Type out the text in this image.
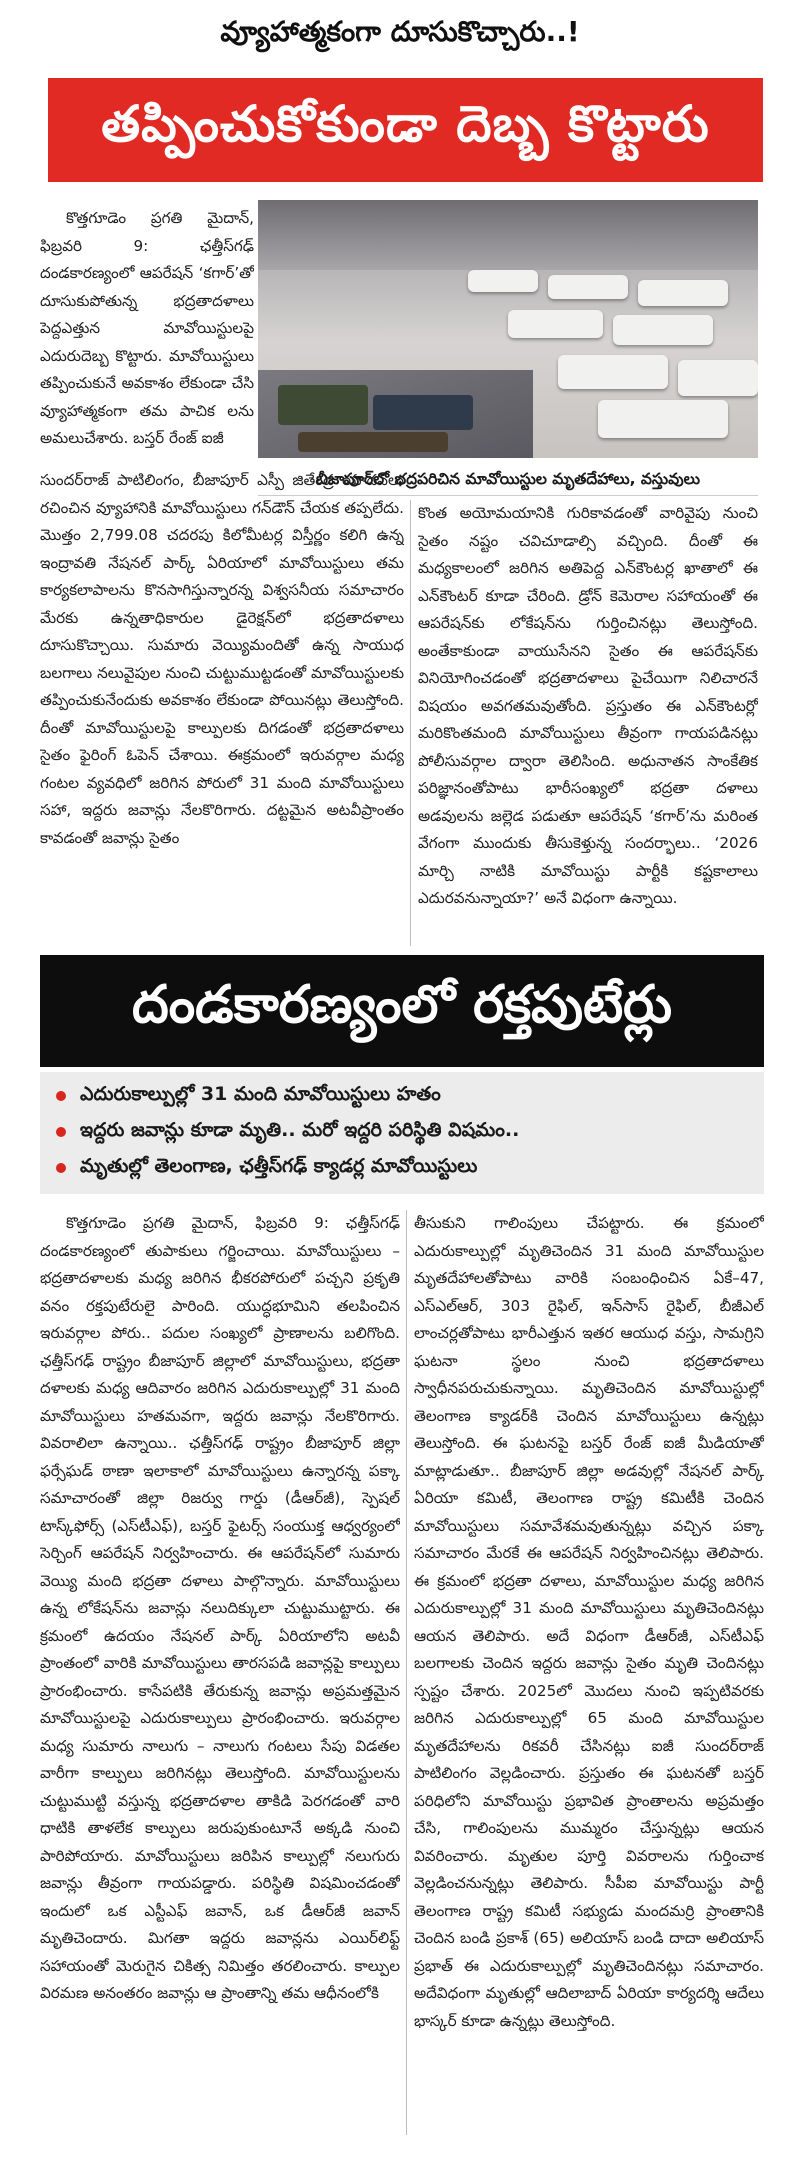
వ్యూహాత్మకంగా దూసుకొచ్చారు..!
తప్పించుకోకుండా దెబ్బ కొట్టారు

కొత్తగూడెం ప్రగతి మైదాన్, ఫిబ్రవరి 9: ఛత్తీస్‌గఢ్ దండకారణ్యంలో ఆపరేషన్ ‘కగార్’తో దూసుకుపోతున్న భద్రతాదళాలు పెద్దఎత్తున మావోయిస్టులపై ఎదురుదెబ్బ కొట్టారు. మావోయిస్టులు తప్పించుకునే అవకాశం లేకుండా చేసి వ్యూహాత్మకంగా తమ పాచిక లను అమలుచేశారు. బస్తర్ రేంజ్ ఐజీ

బీజాపూర్‌లో భద్రపరిచిన మావోయిస్టుల మృతదేహాలు, వస్తువులు

సుందర్‌రాజ్ పాటిలింగం, బీజాపూర్ ఎస్పీ జితేంద్ర యాదవ్‌లు రచించిన వ్యూహానికి మావోయిస్టులు గన్‌డౌన్ చేయక తప్పలేదు. మొత్తం 2,799.08 చదరపు కిలోమీటర్ల విస్తీర్ణం కలిగి ఉన్న ఇంద్రావతి నేషనల్ పార్క్ ఏరియాలో మావోయిస్టులు తమ కార్యకలాపాలను కొనసాగిస్తున్నారన్న విశ్వసనీయ సమాచారం మేరకు ఉన్నతాధికారుల డైరెక్షన్‌లో భద్రతాదళాలు దూసుకొచ్చాయి. సుమారు వెయ్యిమందితో ఉన్న సాయుధ బలగాలు నలువైపుల నుంచి చుట్టుముట్టడంతో మావోయిస్టులకు తప్పించుకునేందుకు అవకాశం లేకుండా పోయినట్లు తెలుస్తోంది. దీంతో మావోయిస్టులపై కాల్పులకు దిగడంతో భద్రతాదళాలు సైతం ఫైరింగ్ ఓపెన్ చేశాయి. ఈక్రమంలో ఇరువర్గాల మధ్య గంటల వ్యవధిలో జరిగిన పోరులో 31 మంది మావోయిస్టులు సహా, ఇద్దరు జవాన్లు నేలకొరిగారు. దట్టమైన అటవీప్రాంతం కావడంతో జవాన్లు సైతం

కొంత అయోమయానికి గురికావడంతో వారివైపు నుంచి సైతం నష్టం చవిచూడాల్సి వచ్చింది. దీంతో ఈ మధ్యకాలంలో జరిగిన అతిపెద్ద ఎన్‌కౌంటర్ల ఖాతాలో ఈ ఎన్‌కౌంటర్ కూడా చేరింది. డ్రోన్ కెమెరాల సహాయంతో ఈ ఆపరేషన్‌కు లోకేషన్‌ను గుర్తించినట్లు తెలుస్తోంది. అంతేకాకుండా వాయుసేనని సైతం ఈ ఆపరేషన్‌కు వినియోగించడంతో భద్రతాదళాలు పైచేయిగా నిలిచారనే విషయం అవగతమవుతోంది. ప్రస్తుతం ఈ ఎన్‌కౌంటర్లో మరికొంతమంది మావోయిస్టులు తీవ్రంగా గాయపడినట్లు పోలీసువర్గాల ద్వారా తెలిసింది. అధునాతన సాంకేతిక పరిజ్ఞానంతోపాటు భారీసంఖ్యలో భద్రతా దళాలు అడవులను జల్లెడ పడుతూ ఆపరేషన్ ‘కగార్’ను మరింత వేగంగా ముందుకు తీసుకెళ్తున్న సందర్భాలు.. ‘2026 మార్చి నాటికి మావోయిస్టు పార్టీకి కష్టకాలాలు ఎదురవనున్నాయా?’ అనే విధంగా ఉన్నాయి.

దండకారణ్యంలో రక్తపుటేర్లు
ఎదురుకాల్పుల్లో 31 మంది మావోయిస్టులు హతం
ఇద్దరు జవాన్లు కూడా మృతి.. మరో ఇద్దరి పరిస్థితి విషమం..
మృతుల్లో తెలంగాణ, ఛత్తీస్‌గఢ్ క్యాడర్ల మావోయిస్టులు

కొత్తగూడెం ప్రగతి మైదాన్, ఫిబ్రవరి 9: ఛత్తీస్‌గఢ్ దండకారణ్యంలో తుపాకులు గర్జించాయి. మావోయిస్టులు – భద్రతాదళాలకు మధ్య జరిగిన భీకరపోరులో పచ్చని ప్రకృతి వనం రక్తపుటేరులై పారింది. యుద్ధభూమిని తలపించిన ఇరువర్గాల పోరు.. పదుల సంఖ్యలో ప్రాణాలను బలిగొంది. ఛత్తీస్‌గఢ్ రాష్ట్రం బీజాపూర్ జిల్లాలో మావోయిస్టులు, భద్రతా దళాలకు మధ్య ఆదివారం జరిగిన ఎదురుకాల్పుల్లో 31 మంది మావోయిస్టులు హతమవగా, ఇద్దరు జవాన్లు నేలకొరిగారు. వివరాలిలా ఉన్నాయి.. ఛత్తీస్‌గఢ్ రాష్ట్రం బీజాపూర్ జిల్లా ఫర్సేఘడ్ ఠాణా ఇలాకాలో మావోయిస్టులు ఉన్నారన్న పక్కా సమాచారంతో జిల్లా రిజర్వు గార్డు (డీఆర్‌జీ), స్పెషల్ టాస్క్‌ఫోర్స్ (ఎస్‌టీఎఫ్), బస్తర్ ఫైటర్స్ సంయుక్త ఆధ్వర్యంలో సెర్చింగ్ ఆపరేషన్ నిర్వహించారు. ఈ ఆపరేషన్‌లో సుమారు వెయ్యి మంది భద్రతా దళాలు పాల్గొన్నారు. మావోయిస్టులు ఉన్న లోకేషన్‌ను జవాన్లు నలుదిక్కులా చుట్టుముట్టారు. ఈ క్రమంలో ఉదయం నేషనల్ పార్క్ ఏరియాలోని అటవీ ప్రాంతంలో వారికి మావోయిస్టులు తారసపడి జవాన్లపై కాల్పులు ప్రారంభించారు. కాసేపటికి తేరుకున్న జవాన్లు అప్రమత్తమైన మావోయిస్టులపై ఎదురుకాల్పులు ప్రారంభించారు. ఇరువర్గాల మధ్య సుమారు నాలుగు – నాలుగు గంటలు సేపు విడతల వారీగా కాల్పులు జరిగినట్లు తెలుస్తోంది. మావోయిస్టులను చుట్టుముట్టి వస్తున్న భద్రతాదళాల తాకిడి పెరగడంతో వారి ధాటికి తాళలేక కాల్పులు జరుపుకుంటూనే అక్కడి నుంచి పారిపోయారు. మావోయిస్టులు జరిపిన కాల్పుల్లో నలుగురు జవాన్లు తీవ్రంగా గాయపడ్డారు. పరిస్థితి విషమించడంతో ఇందులో ఒక ఎస్టీఎఫ్ జవాన్, ఒక డీఆర్‌జీ జవాన్ మృతిచెందారు. మిగతా ఇద్దరు జవాన్లను ఎయిర్‌లిఫ్ట్ సహాయంతో మెరుగైన చికిత్స నిమిత్తం తరలించారు. కాల్పుల విరమణ అనంతరం జవాన్లు ఆ ప్రాంతాన్ని తమ ఆధీనంలోకి

తీసుకుని గాలింపులు చేపట్టారు. ఈ క్రమంలో ఎదురుకాల్పుల్లో మృతిచెందిన 31 మంది మావోయిస్టుల మృతదేహాలతోపాటు వారికి సంబంధించిన ఏకే–47, ఎస్ఎల్ఆర్, 303 రైఫిల్, ఇన్‌సాస్ రైఫిల్, బీజీఎల్ లాంచర్లతోపాటు భారీఎత్తున ఇతర ఆయుధ వస్తు, సామగ్రిని ఘటనా స్థలం నుంచి భద్రతాదళాలు స్వాధీనపరుచుకున్నాయి. మృతిచెందిన మావోయిస్టుల్లో తెలంగాణ క్యాడర్‌కి చెందిన మావోయిస్టులు ఉన్నట్లు తెలుస్తోంది. ఈ ఘటనపై బస్తర్ రేంజ్ ఐజీ మీడియాతో మాట్లాడుతూ.. బీజాపూర్ జిల్లా అడవుల్లో నేషనల్ పార్క్ ఏరియా కమిటీ, తెలంగాణ రాష్ట్ర కమిటీకి చెందిన మావోయిస్టులు సమావేశమవుతున్నట్లు వచ్చిన పక్కా సమాచారం మేరకే ఈ ఆపరేషన్ నిర్వహించినట్లు తెలిపారు. ఈ క్రమంలో భద్రతా దళాలు, మావోయిస్టుల మధ్య జరిగిన ఎదురుకాల్పుల్లో 31 మంది మావోయిస్టులు మృతిచెందినట్లు ఆయన తెలిపారు. అదే విధంగా డీఆర్‌జీ, ఎస్‌టీఎఫ్ బలగాలకు చెందిన ఇద్దరు జవాన్లు సైతం మృతి చెందినట్లు స్పష్టం చేశారు. 2025లో మొదలు నుంచి ఇప్పటివరకు జరిగిన ఎదురుకాల్పుల్లో 65 మంది మావోయిస్టుల మృతదేహాలను రికవరీ చేసినట్లు ఐజీ సుందర్‌రాజ్ పాటిలింగం వెల్లడించారు. ప్రస్తుతం ఈ ఘటనతో బస్తర్ పరిధిలోని మావోయిస్టు ప్రభావిత ప్రాంతాలను అప్రమత్తం చేసి, గాలింపులను ముమ్మరం చేస్తున్నట్లు ఆయన వివరించారు. మృతుల పూర్తి వివరాలను గుర్తించాక వెల్లడించనున్నట్లు తెలిపారు. సీపీఐ మావోయిస్టు పార్టీ తెలంగాణ రాష్ట్ర కమిటీ సభ్యుడు మందమర్రి ప్రాంతానికి చెందిన బండి ప్రకాశ్ (65) అలియాస్ బండి దాదా అలియాస్ ప్రభాత్ ఈ ఎదురుకాల్పుల్లో మృతిచెందినట్లు సమాచారం. అదేవిధంగా మృతుల్లో ఆదిలాబాద్ ఏరియా కార్యదర్శి ఆదేలు భాస్కర్ కూడా ఉన్నట్లు తెలుస్తోంది.
